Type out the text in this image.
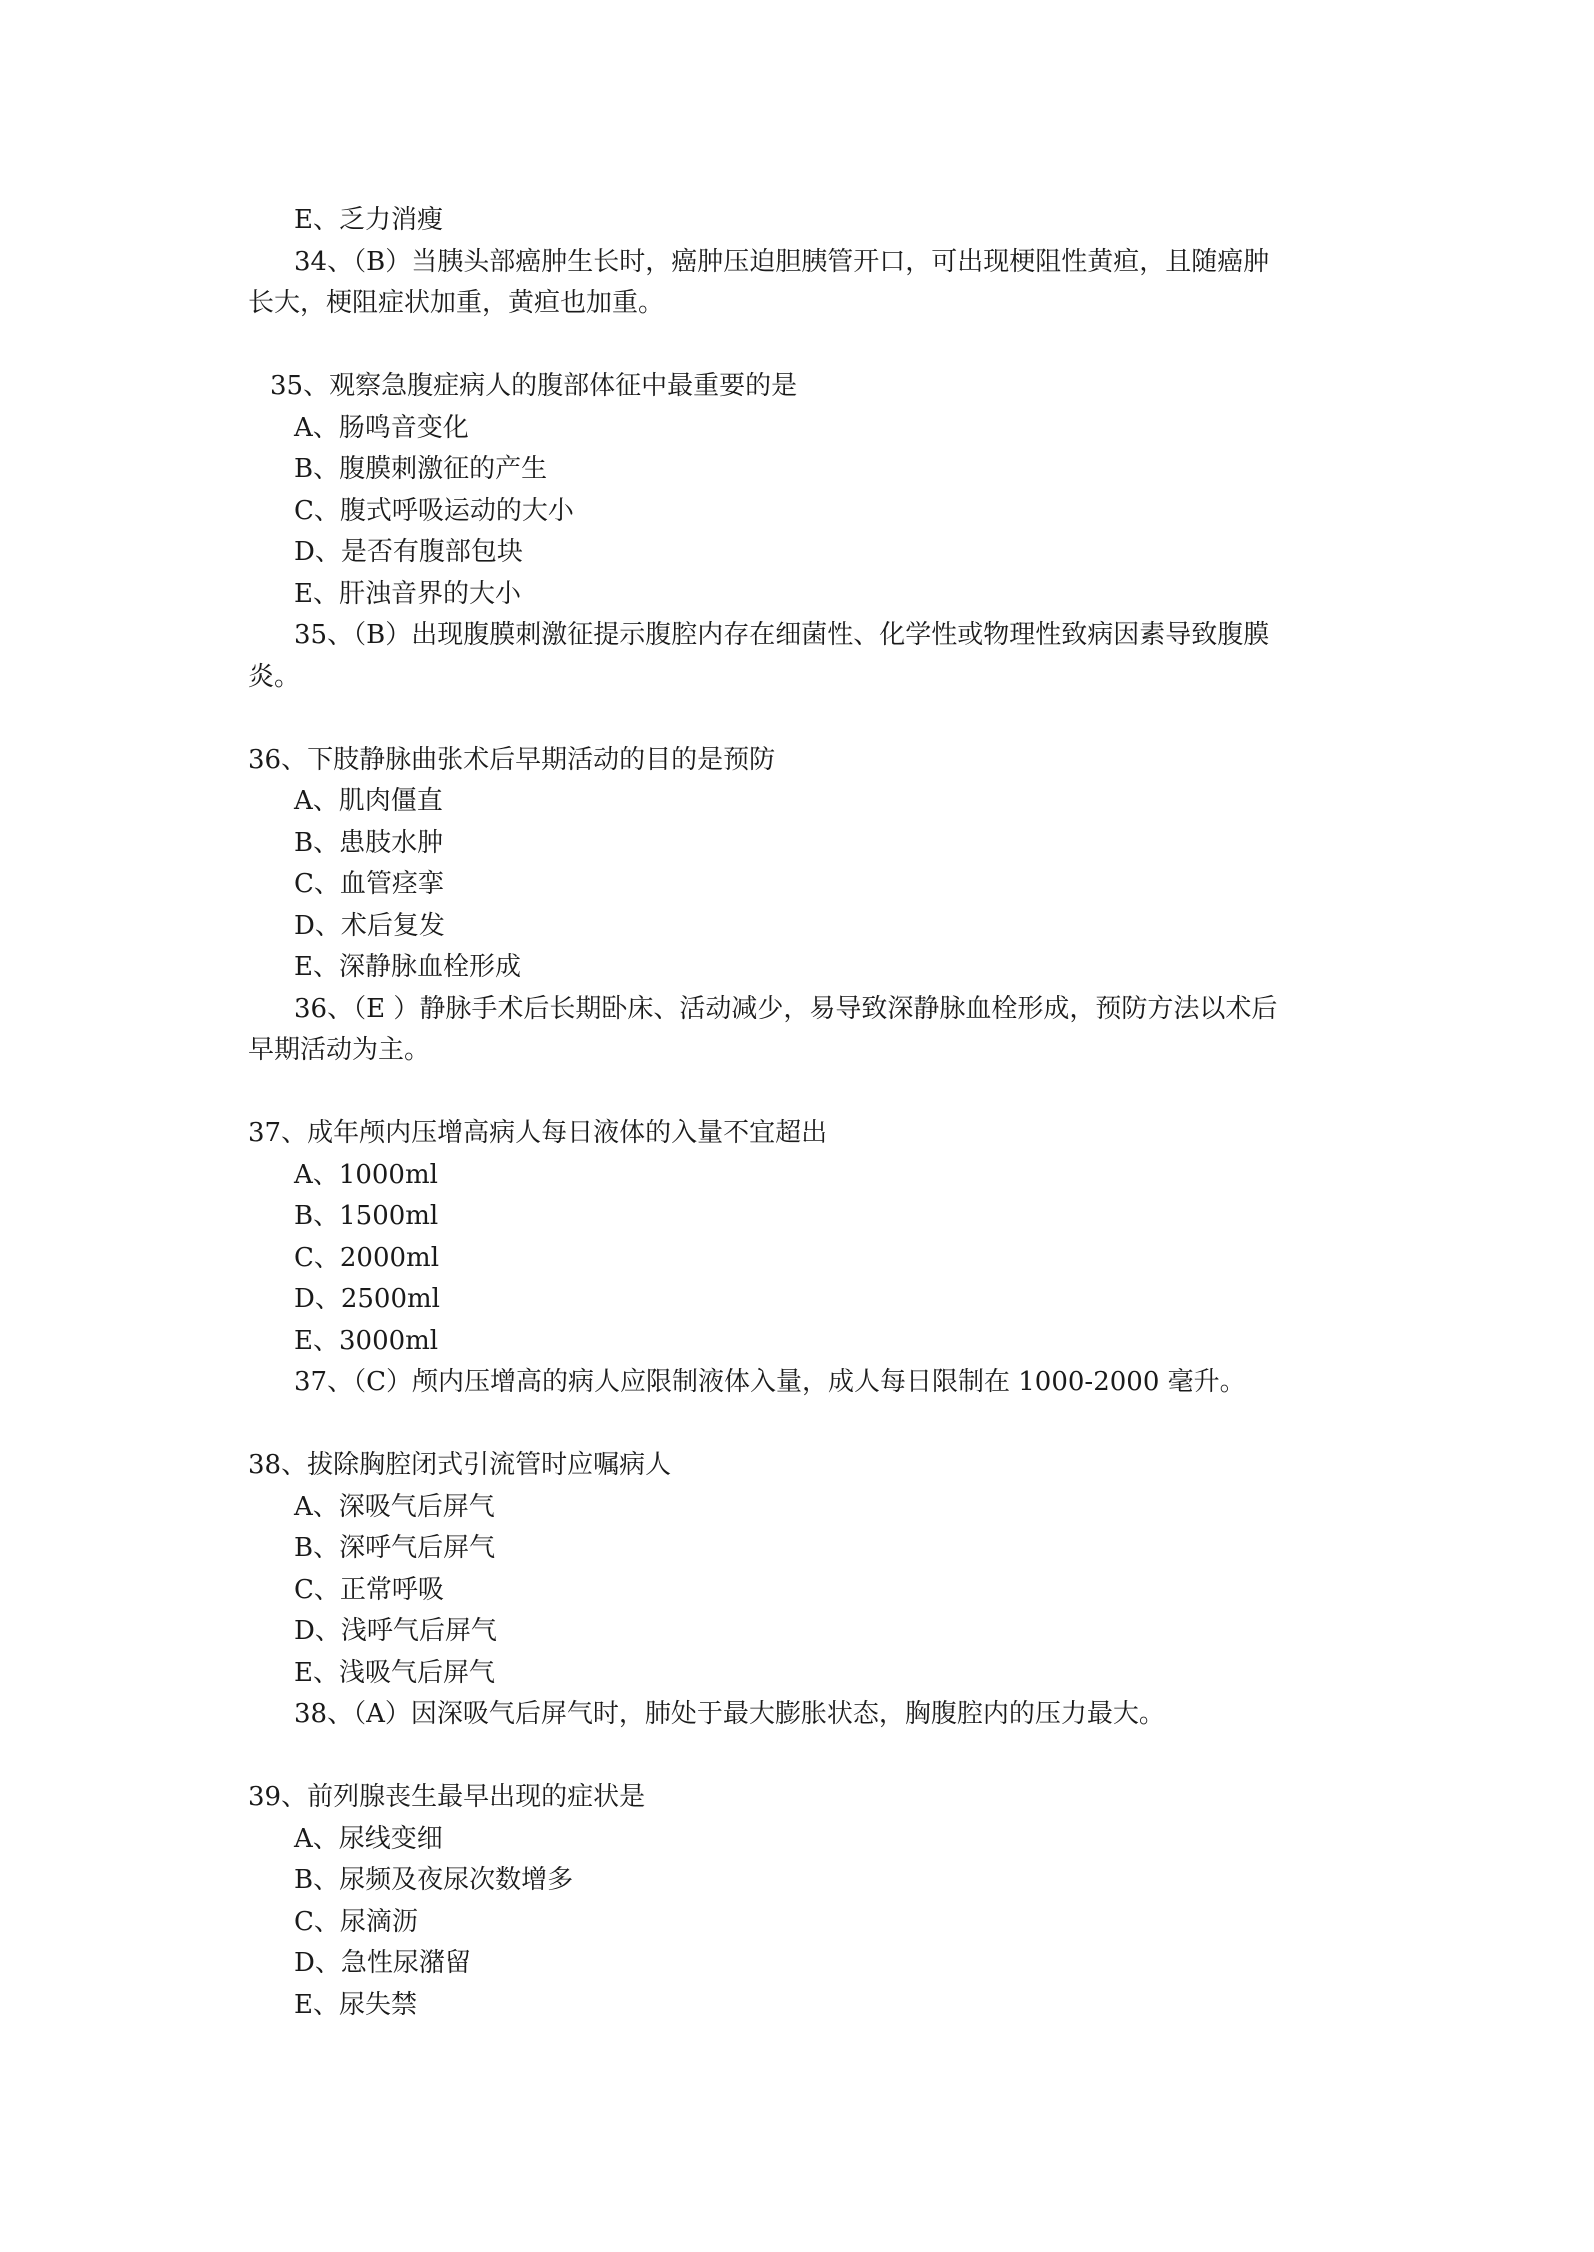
E、乏力消瘦
34、（B）当胰头部癌肿生长时，癌肿压迫胆胰管开口，可出现梗阻性黄疸，且随癌肿
长大，梗阻症状加重，黄疸也加重。
35、观察急腹症病人的腹部体征中最重要的是
A、肠鸣音变化
B、腹膜刺激征的产生
C、腹式呼吸运动的大小
D、是否有腹部包块
E、肝浊音界的大小
35、（B）出现腹膜刺激征提示腹腔内存在细菌性、化学性或物理性致病因素导致腹膜
炎。
36、下肢静脉曲张术后早期活动的目的是预防
A、肌肉僵直
B、患肢水肿
C、血管痉挛
D、术后复发
E、深静脉血栓形成
36、（E ）静脉手术后长期卧床、活动减少，易导致深静脉血栓形成，预防方法以术后
早期活动为主。
37、成年颅内压增高病人每日液体的入量不宜超出
A、1000ml
B、1500ml
C、2000ml
D、2500ml
E、3000ml
37、（C）颅内压增高的病人应限制液体入量，成人每日限制在 1000-2000 毫升。
38、拔除胸腔闭式引流管时应嘱病人
A、深吸气后屏气
B、深呼气后屏气
C、正常呼吸
D、浅呼气后屏气
E、浅吸气后屏气
38、（A）因深吸气后屏气时，肺处于最大膨胀状态，胸腹腔内的压力最大。
39、前列腺丧生最早出现的症状是
A、尿线变细
B、尿频及夜尿次数增多
C、尿滴沥
D、急性尿潴留
E、尿失禁
